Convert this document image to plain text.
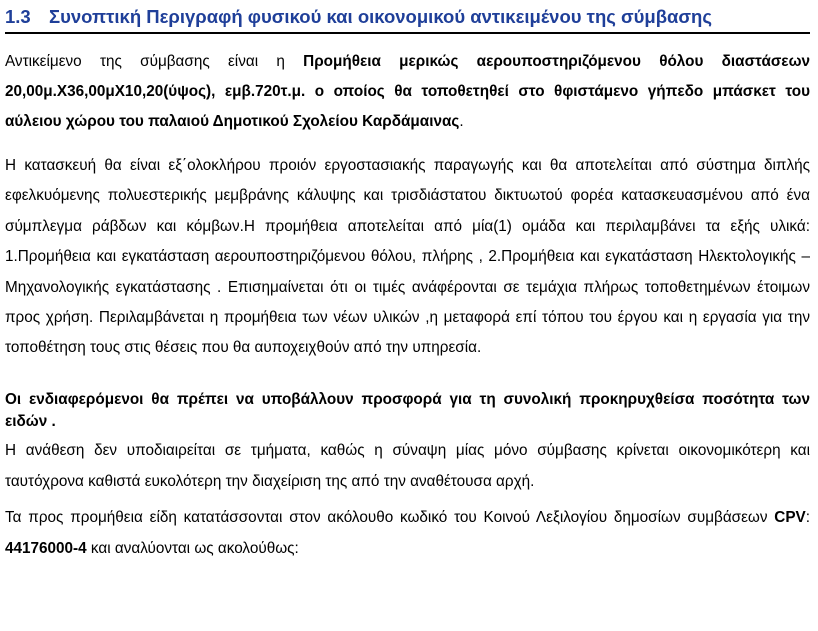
1.3 Συνοπτική Περιγραφή φυσικού και οικονομικού αντικειμένου της σύμβασης

Αντικείμενο της σύμβασης είναι η Προμήθεια μερικώς αερουποστηριζόμενου θόλου διαστάσεων 20,00μ.Χ36,00μΧ10,20(ύψος), εμβ.720τ.μ. ο οποίος θα τοποθετηθεί στο θφιστάμενο γήπεδο μπάσκετ του αύλειου χώρου του παλαιού Δημοτικού Σχολείου Καρδάμαινας.

Η κατασκευή θα είναι εξ΄ολοκλήρου προιόν εργοστασιακής παραγωγής και θα αποτελείται από σύστημα διπλής εφελκυόμενης πολυεστερικής μεμβράνης κάλυψης και τρισδιάστατου δικτυωτού φορέα κατασκευασμένου από ένα σύμπλεγμα ράβδων και κόμβων.Η προμήθεια αποτελείται από μία(1) ομάδα και περιλαμβάνει τα εξής υλικά: 1.Προμήθεια και εγκατάσταση αερουποστηριζόμενου θόλου, πλήρης , 2.Προμήθεια και εγκατάσταση Ηλεκτολογικής –Μηχανολογικής εγκατάστασης . Επισημαίνεται ότι οι τιμές ανάφέρονται σε τεμάχια πλήρως τοποθετημένων έτοιμων προς χρήση. Περιλαμβάνεται η προμήθεια των νέων υλικών ,η μεταφορά επί τόπου του έργου και η εργασία για την τοποθέτηση τους στις θέσεις που θα αυποχειχθούν από την υπηρεσία.

Οι ενδιαφερόμενοι θα πρέπει να υποβάλλουν προσφορά για τη συνολική προκηρυχθείσα ποσότητα των ειδών .

Η ανάθεση δεν υποδιαιρείται σε τμήματα, καθώς η σύναψη μίας μόνο σύμβασης κρίνεται οικονομικότερη και ταυτόχρονα καθιστά ευκολότερη την διαχείριση της από την αναθέτουσα αρχή.

Τα προς προμήθεια είδη κατατάσσονται στον ακόλουθο κωδικό του Κοινού Λεξιλογίου δημοσίων συμβάσεων CPV: 44176000-4 και αναλύονται ως ακολούθως:
